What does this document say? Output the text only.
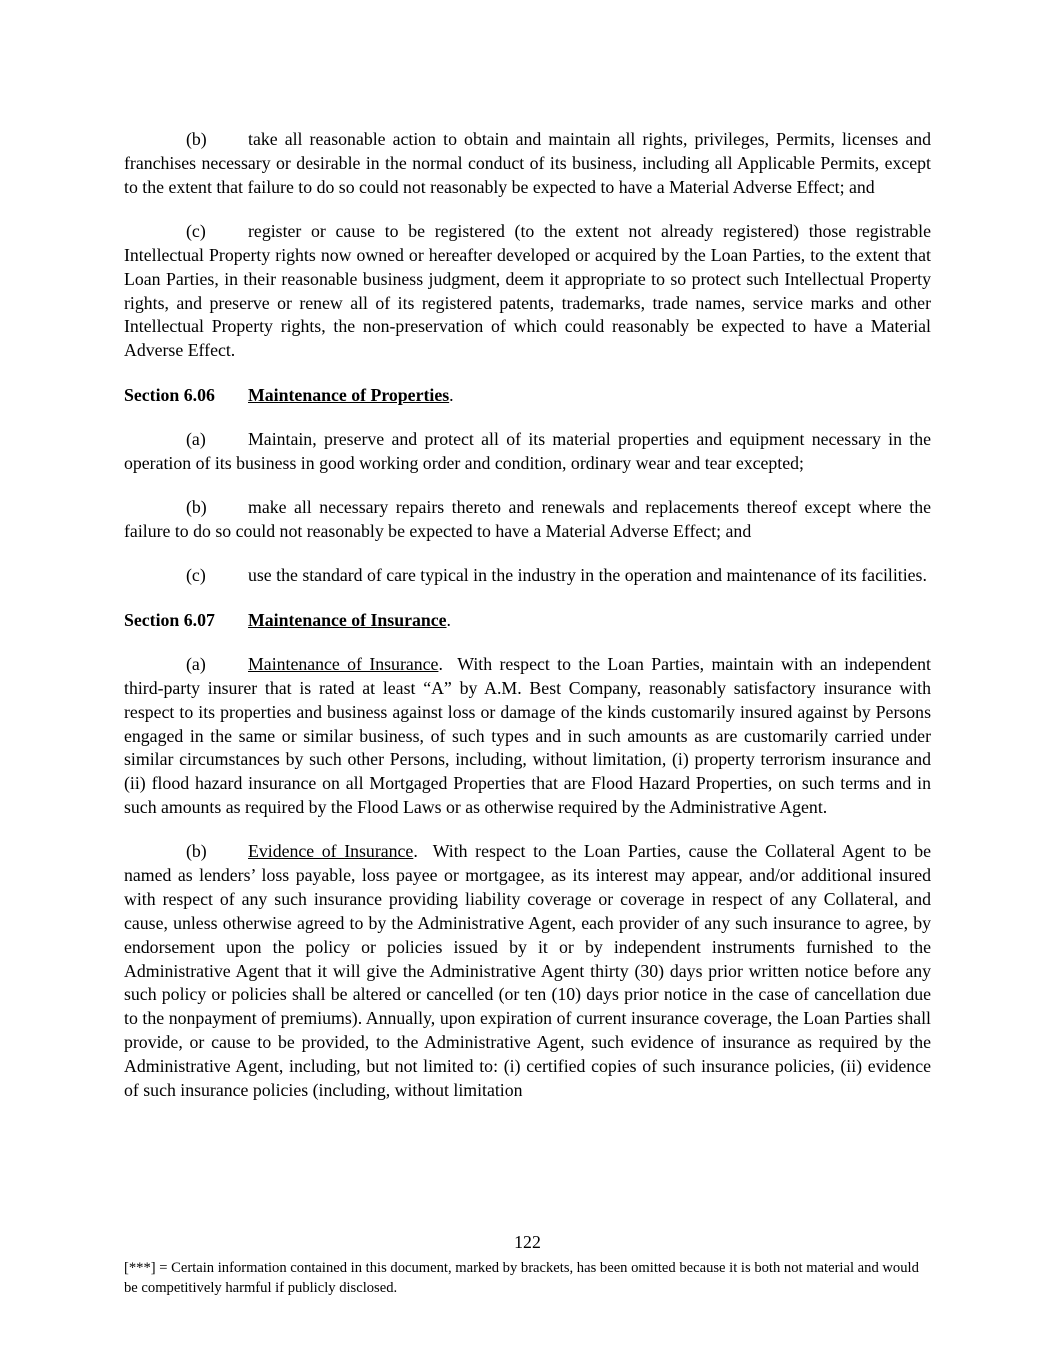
(b) take all reasonable action to obtain and maintain all rights, privileges, Permits, licenses and franchises necessary or desirable in the normal conduct of its business, including all Applicable Permits, except to the extent that failure to do so could not reasonably be expected to have a Material Adverse Effect; and

(c) register or cause to be registered (to the extent not already registered) those registrable Intellectual Property rights now owned or hereafter developed or acquired by the Loan Parties, to the extent that Loan Parties, in their reasonable business judgment, deem it appropriate to so protect such Intellectual Property rights, and preserve or renew all of its registered patents, trademarks, trade names, service marks and other Intellectual Property rights, the non-preservation of which could reasonably be expected to have a Material Adverse Effect.

Section 6.06 Maintenance of Properties.

(a) Maintain, preserve and protect all of its material properties and equipment necessary in the operation of its business in good working order and condition, ordinary wear and tear excepted;

(b) make all necessary repairs thereto and renewals and replacements thereof except where the failure to do so could not reasonably be expected to have a Material Adverse Effect; and

(c) use the standard of care typical in the industry in the operation and maintenance of its facilities.

Section 6.07 Maintenance of Insurance.

(a) Maintenance of Insurance. With respect to the Loan Parties, maintain with an independent third-party insurer that is rated at least “A” by A.M. Best Company, reasonably satisfactory insurance with respect to its properties and business against loss or damage of the kinds customarily insured against by Persons engaged in the same or similar business, of such types and in such amounts as are customarily carried under similar circumstances by such other Persons, including, without limitation, (i) property terrorism insurance and (ii) flood hazard insurance on all Mortgaged Properties that are Flood Hazard Properties, on such terms and in such amounts as required by the Flood Laws or as otherwise required by the Administrative Agent.

(b) Evidence of Insurance. With respect to the Loan Parties, cause the Collateral Agent to be named as lenders’ loss payable, loss payee or mortgagee, as its interest may appear, and/or additional insured with respect of any such insurance providing liability coverage or coverage in respect of any Collateral, and cause, unless otherwise agreed to by the Administrative Agent, each provider of any such insurance to agree, by endorsement upon the policy or policies issued by it or by independent instruments furnished to the Administrative Agent that it will give the Administrative Agent thirty (30) days prior written notice before any such policy or policies shall be altered or cancelled (or ten (10) days prior notice in the case of cancellation due to the nonpayment of premiums). Annually, upon expiration of current insurance coverage, the Loan Parties shall provide, or cause to be provided, to the Administrative Agent, such evidence of insurance as required by the Administrative Agent, including, but not limited to: (i) certified copies of such insurance policies, (ii) evidence of such insurance policies (including, without limitation

122
[***] = Certain information contained in this document, marked by brackets, has been omitted because it is both not material and would be competitively harmful if publicly disclosed.
